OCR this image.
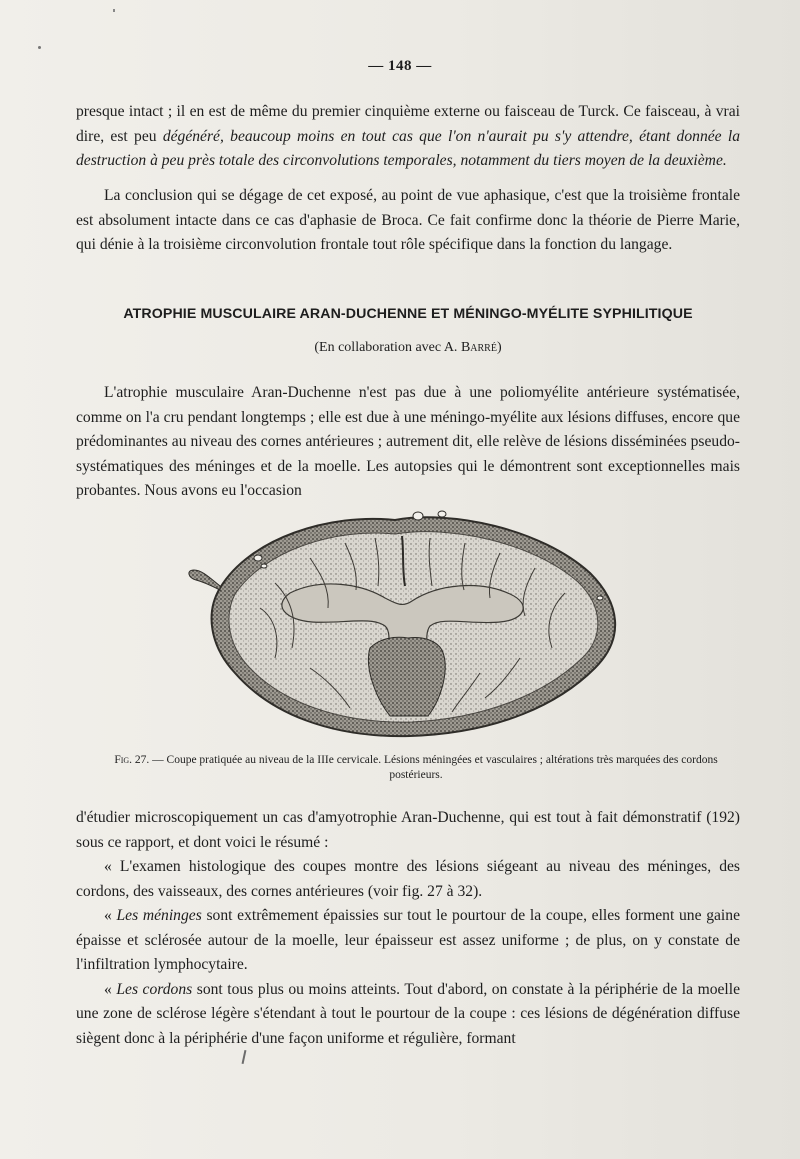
— 148 —
presque intact ; il en est de même du premier cinquième externe ou faisceau de Turck. Ce faisceau, à vrai dire, est peu dégénéré, beaucoup moins en tout cas que l'on n'aurait pu s'y attendre, étant donnée la destruction à peu près totale des circonvolutions temporales, notamment du tiers moyen de la deuxième.
La conclusion qui se dégage de cet exposé, au point de vue aphasique, c'est que la troisième frontale est absolument intacte dans ce cas d'aphasie de Broca. Ce fait confirme donc la théorie de Pierre Marie, qui dénie à la troisième circonvolution frontale tout rôle spécifique dans la fonction du langage.
ATROPHIE MUSCULAIRE ARAN-DUCHENNE ET MÉNINGO-MYÉLITE SYPHILITIQUE
(En collaboration avec A. Barré)
L'atrophie musculaire Aran-Duchenne n'est pas due à une poliomyélite antérieure systématisée, comme on l'a cru pendant longtemps ; elle est due à une méningo-myélite aux lésions diffuses, encore que prédominantes au niveau des cornes antérieures ; autrement dit, elle relève de lésions disséminées pseudo-systématiques des méninges et de la moelle. Les autopsies qui le démontrent sont exceptionnelles mais probantes. Nous avons eu l'occasion
Fig. 27. — Coupe pratiquée au niveau de la IIIe cervicale. Lésions méningées et vasculaires ; altérations très marquées des cordons postérieurs.

d'étudier microscopiquement un cas d'amyotrophie Aran-Duchenne, qui est tout à fait démonstratif (192) sous ce rapport, et dont voici le résumé :

« L'examen histologique des coupes montre des lésions siégeant au niveau des méninges, des cordons, des vaisseaux, des cornes antérieures (voir fig. 27 à 32).

« Les méninges sont extrêmement épaissies sur tout le pourtour de la coupe, elles forment une gaine épaisse et sclérosée autour de la moelle, leur épaisseur est assez uniforme ; de plus, on y constate de l'infiltration lymphocytaire.

« Les cordons sont tous plus ou moins atteints. Tout d'abord, on constate à la périphérie de la moelle une zone de sclérose légère s'étendant à tout le pourtour de la coupe : ces lésions de dégénération diffuse siègent donc à la périphérie d'une façon uniforme et régulière, formant
